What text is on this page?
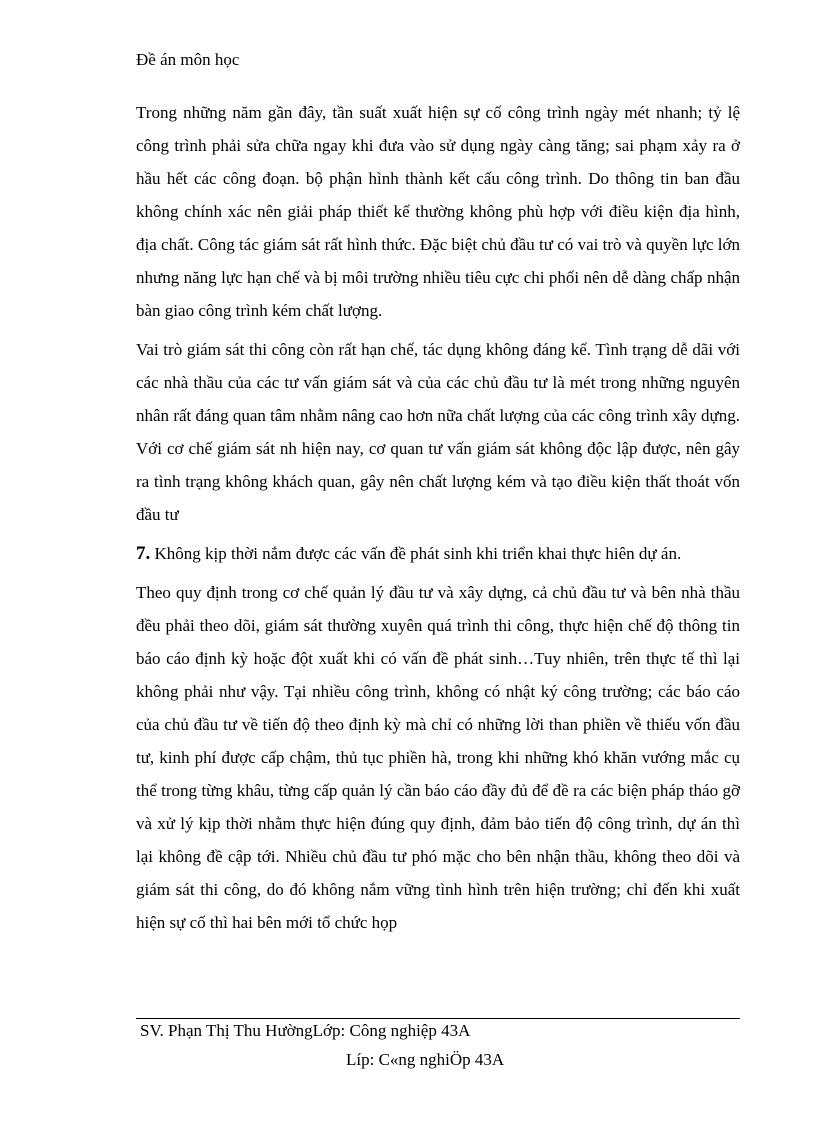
Đề án môn học

Trong những năm gần đây, tần suất xuất hiện sự cố công trình ngày mét nhanh; tỷ lệ công trình phải sửa chữa ngay khi đưa vào sử dụng ngày càng tăng; sai phạm xảy ra ở hầu hết các công đoạn. bộ phận hình thành kết cấu công trình. Do thông tin ban đầu không chính xác nên giải pháp thiết kế thường không phù hợp với điều kiện địa hình, địa chất. Công tác giám sát rất hình thức. Đặc biệt chủ đầu tư có vai trò và quyền lực lớn nhưng năng lực hạn chế và bị môi trường nhiều tiêu cực chi phối nên dễ dàng chấp nhận bàn giao công trình kém chất lượng.

Vai trò giám sát thi công còn rất hạn chế, tác dụng không đáng kể. Tình trạng dễ dãi với các nhà thầu của các tư vấn giám sát và của các chủ đầu tư là mét trong những nguyên nhân rất đáng quan tâm nhằm nâng cao hơn nữa chất lượng của các công trình xây dựng. Với cơ chế giám sát nh hiện nay, cơ quan tư vấn giám sát không độc lập được, nên gây ra tình trạng không khách quan, gây nên chất lượng kém và tạo điều kiện thất thoát vốn đầu tư

7. Không kịp thời nắm được các vấn đề phát sinh khi triển khai thực hiên dự án.

Theo quy định trong cơ chế quản lý đầu tư và xây dựng, cả chủ đầu tư và bên nhà thầu đều phải theo dõi, giám sát thường xuyên quá trình thi công, thực hiện chế độ thông tin báo cáo định kỳ hoặc đột xuất khi có vấn đề phát sinh…Tuy nhiên, trên thực tế thì lại không phải như vậy. Tại nhiều công trình, không có nhật ký công trường; các báo cáo của chủ đầu tư về tiến độ theo định kỳ mà chỉ có những lời than phiền về thiếu vốn đầu tư, kinh phí được cấp chậm, thủ tục phiền hà, trong khi những khó khăn vướng mắc cụ thể trong từng khâu, từng cấp quản lý cần báo cáo đầy đủ để đề ra các biện pháp tháo gỡ và xử lý kịp thời nhằm thực hiện đúng quy định, đảm bảo tiến độ công trình, dự án thì lại không đề cập tới. Nhiều chủ đầu tư phó mặc cho bên nhận thầu, không theo dõi và giám sát thi công, do đó không nắm vững tình hình trên hiện trường; chỉ đến khi xuất hiện sự cố thì hai bên mới tổ chức họp

SV. Phạn Thị Thu HườngLớp: Công nghiệp 43A
Líp: C«ng nghiÖp 43A
